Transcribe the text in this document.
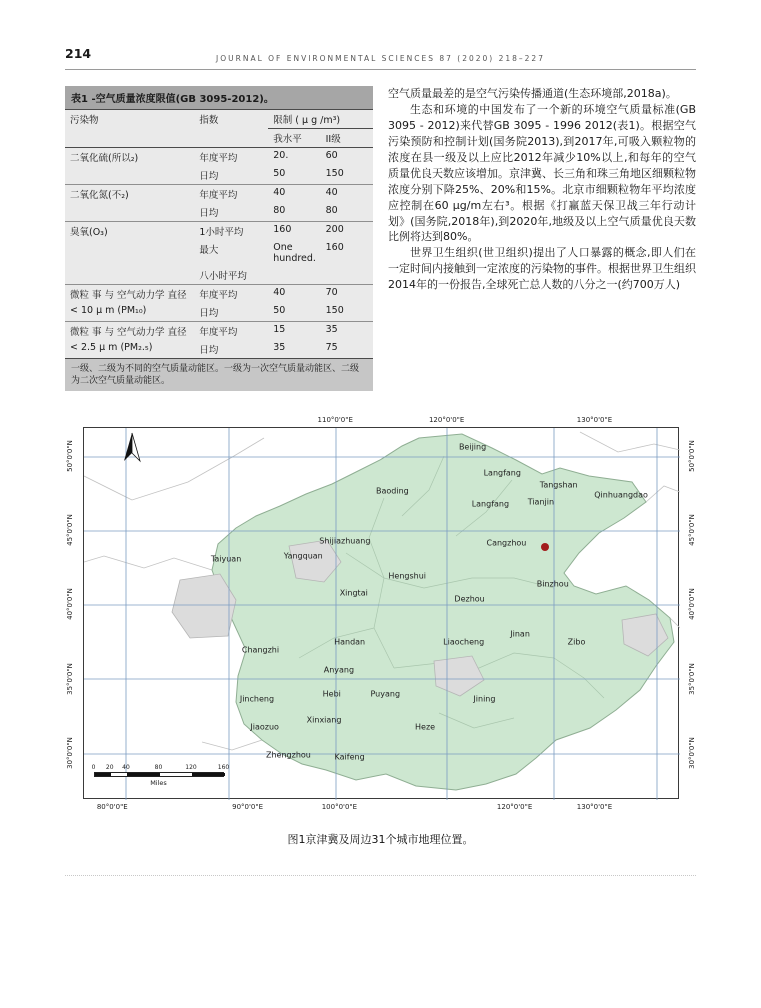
214	JOURNAL OF ENVIRONMENTAL SCIENCES 87 (2020) 218–227
表1 -空气质量浓度限值(GB 3095-2012)。
污染物	指数	限制 ( μ g /m³)	
		我水平	II级
二氧化硫(所以₂)	年度平均	20.	60
	日均	50	150
二氧化氮(不₂)	年度平均	40	40
	日均	80	80
臭氧(O₃)	1小时平均	160	200
	最大	One hundred.	160
	八小时平均		
微粒 事 与 空气动力学 直径	年度平均	40	70
< 10 μ m (PM₁₀)	日均	50	150
微粒 事 与 空气动力学 直径	年度平均	15	35
< 2.5 μ m (PM₂.₅)	日均	35	75
一级、二级为不同的空气质量动能区。一级为一次空气质量动能区、二级为二次空气质量动能区。

空气质量最差的是空气污染传播通道(生态环境部,2018a)。

生态和环境的中国发布了一个新的环境空气质量标准(GB 3095 - 2012)来代替GB 3095 - 1996 2012(表1)。根据空气污染预防和控制计划(国务院2013),到2017年,可吸入颗粒物的浓度在县一级及以上应比2012年减少10%以上,和每年的空气质量优良天数应该增加。京津冀、长三角和珠三角地区细颗粒物浓度分别下降25%、20%和15%。北京市细颗粒物年平均浓度应控制在60 μg/m左右³。根据《打赢蓝天保卫战三年行动计划》(国务院,2018年),到2020年,地级及以上空气质量优良天数比例将达到80%。

世界卫生组织(世卫组织)提出了人口暴露的概念,即人们在一定时间内接触到一定浓度的污染物的事件。根据世界卫生组织2014年的一份报告,全球死亡总人数的八分之一(约700万人)

0 20 40	80	120	160
Miles
Beijing
Langfang
Tangshan
Qinhuangdao
Langfang Tianjin
Baoding
Shijiazhuang
Yangquan
Taiyuan
Cangzhou
Hengshui
Xingtai
Dezhou
Binzhou
Jinan
Zibo
Changzhi
Handan	Liaocheng
Anyang
Puyang
Hebi
Jincheng	Jining
Xinxiang
Jiaozuo	Heze
Zhengzhou	Kaifeng
110°0'0"E	120°0'0"E	130°0'0"E
80°0'0"E	90°0'0"E	100°0'0"E	120°0'0"E	130°0'0"E
50°0'0"N
45°0'0"N
40°0'0"N
35°0'0"N
30°0'0"N
50°0'0"N
45°0'0"N
40°0'0"N
35°0'0"N
30°0'0"N
图1京津冀及周边31个城市地理位置。
